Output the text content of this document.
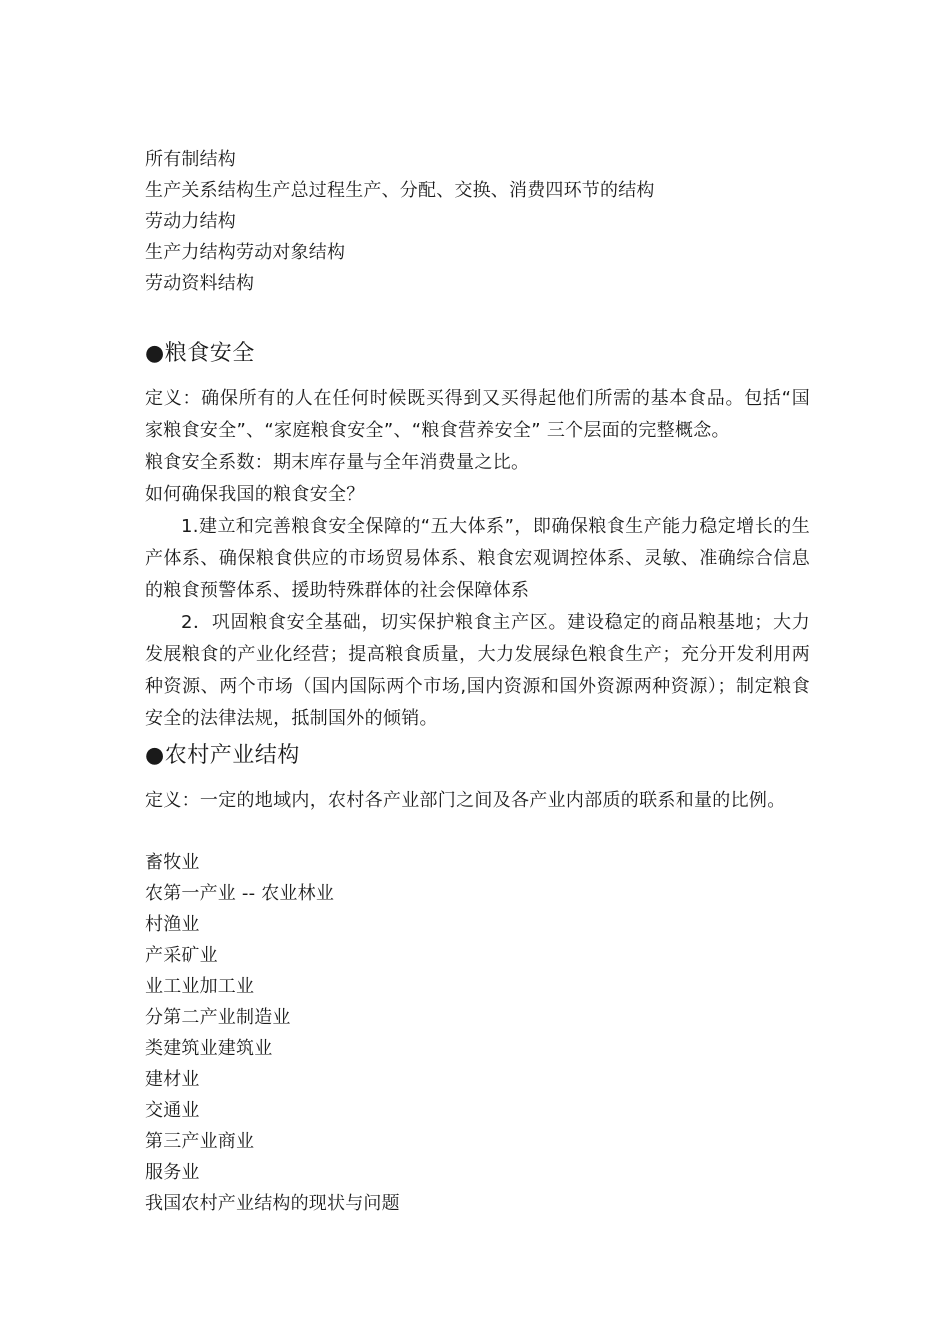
所有制结构
生产关系结构生产总过程生产、分配、交换、消费四环节的结构
劳动力结构
生产力结构劳动对象结构
劳动资料结构
●粮食安全
定义：确保所有的人在任何时候既买得到又买得起他们所需的基本食品。包括“国家粮食安全”、“家庭粮食安全”、“粮食营养安全” 三个层面的完整概念。
粮食安全系数：期末库存量与全年消费量之比。
如何确保我国的粮食安全？
1.建立和完善粮食安全保障的“五大体系”，即确保粮食生产能力稳定增长的生产体系、确保粮食供应的市场贸易体系、粮食宏观调控体系、灵敏、准确综合信息的粮食预警体系、援助特殊群体的社会保障体系
2．巩固粮食安全基础，切实保护粮食主产区。建设稳定的商品粮基地；大力发展粮食的产业化经营；提高粮食质量，大力发展绿色粮食生产；充分开发利用两种资源、两个市场（国内国际两个市场,国内资源和国外资源两种资源）；制定粮食安全的法律法规，抵制国外的倾销。
●农村产业结构
定义：一定的地域内，农村各产业部门之间及各产业内部质的联系和量的比例。
畜牧业
农第一产业 -- 农业林业
村渔业
产采矿业
业工业加工业
分第二产业制造业
类建筑业建筑业
建材业
交通业
第三产业商业
服务业
我国农村产业结构的现状与问题
